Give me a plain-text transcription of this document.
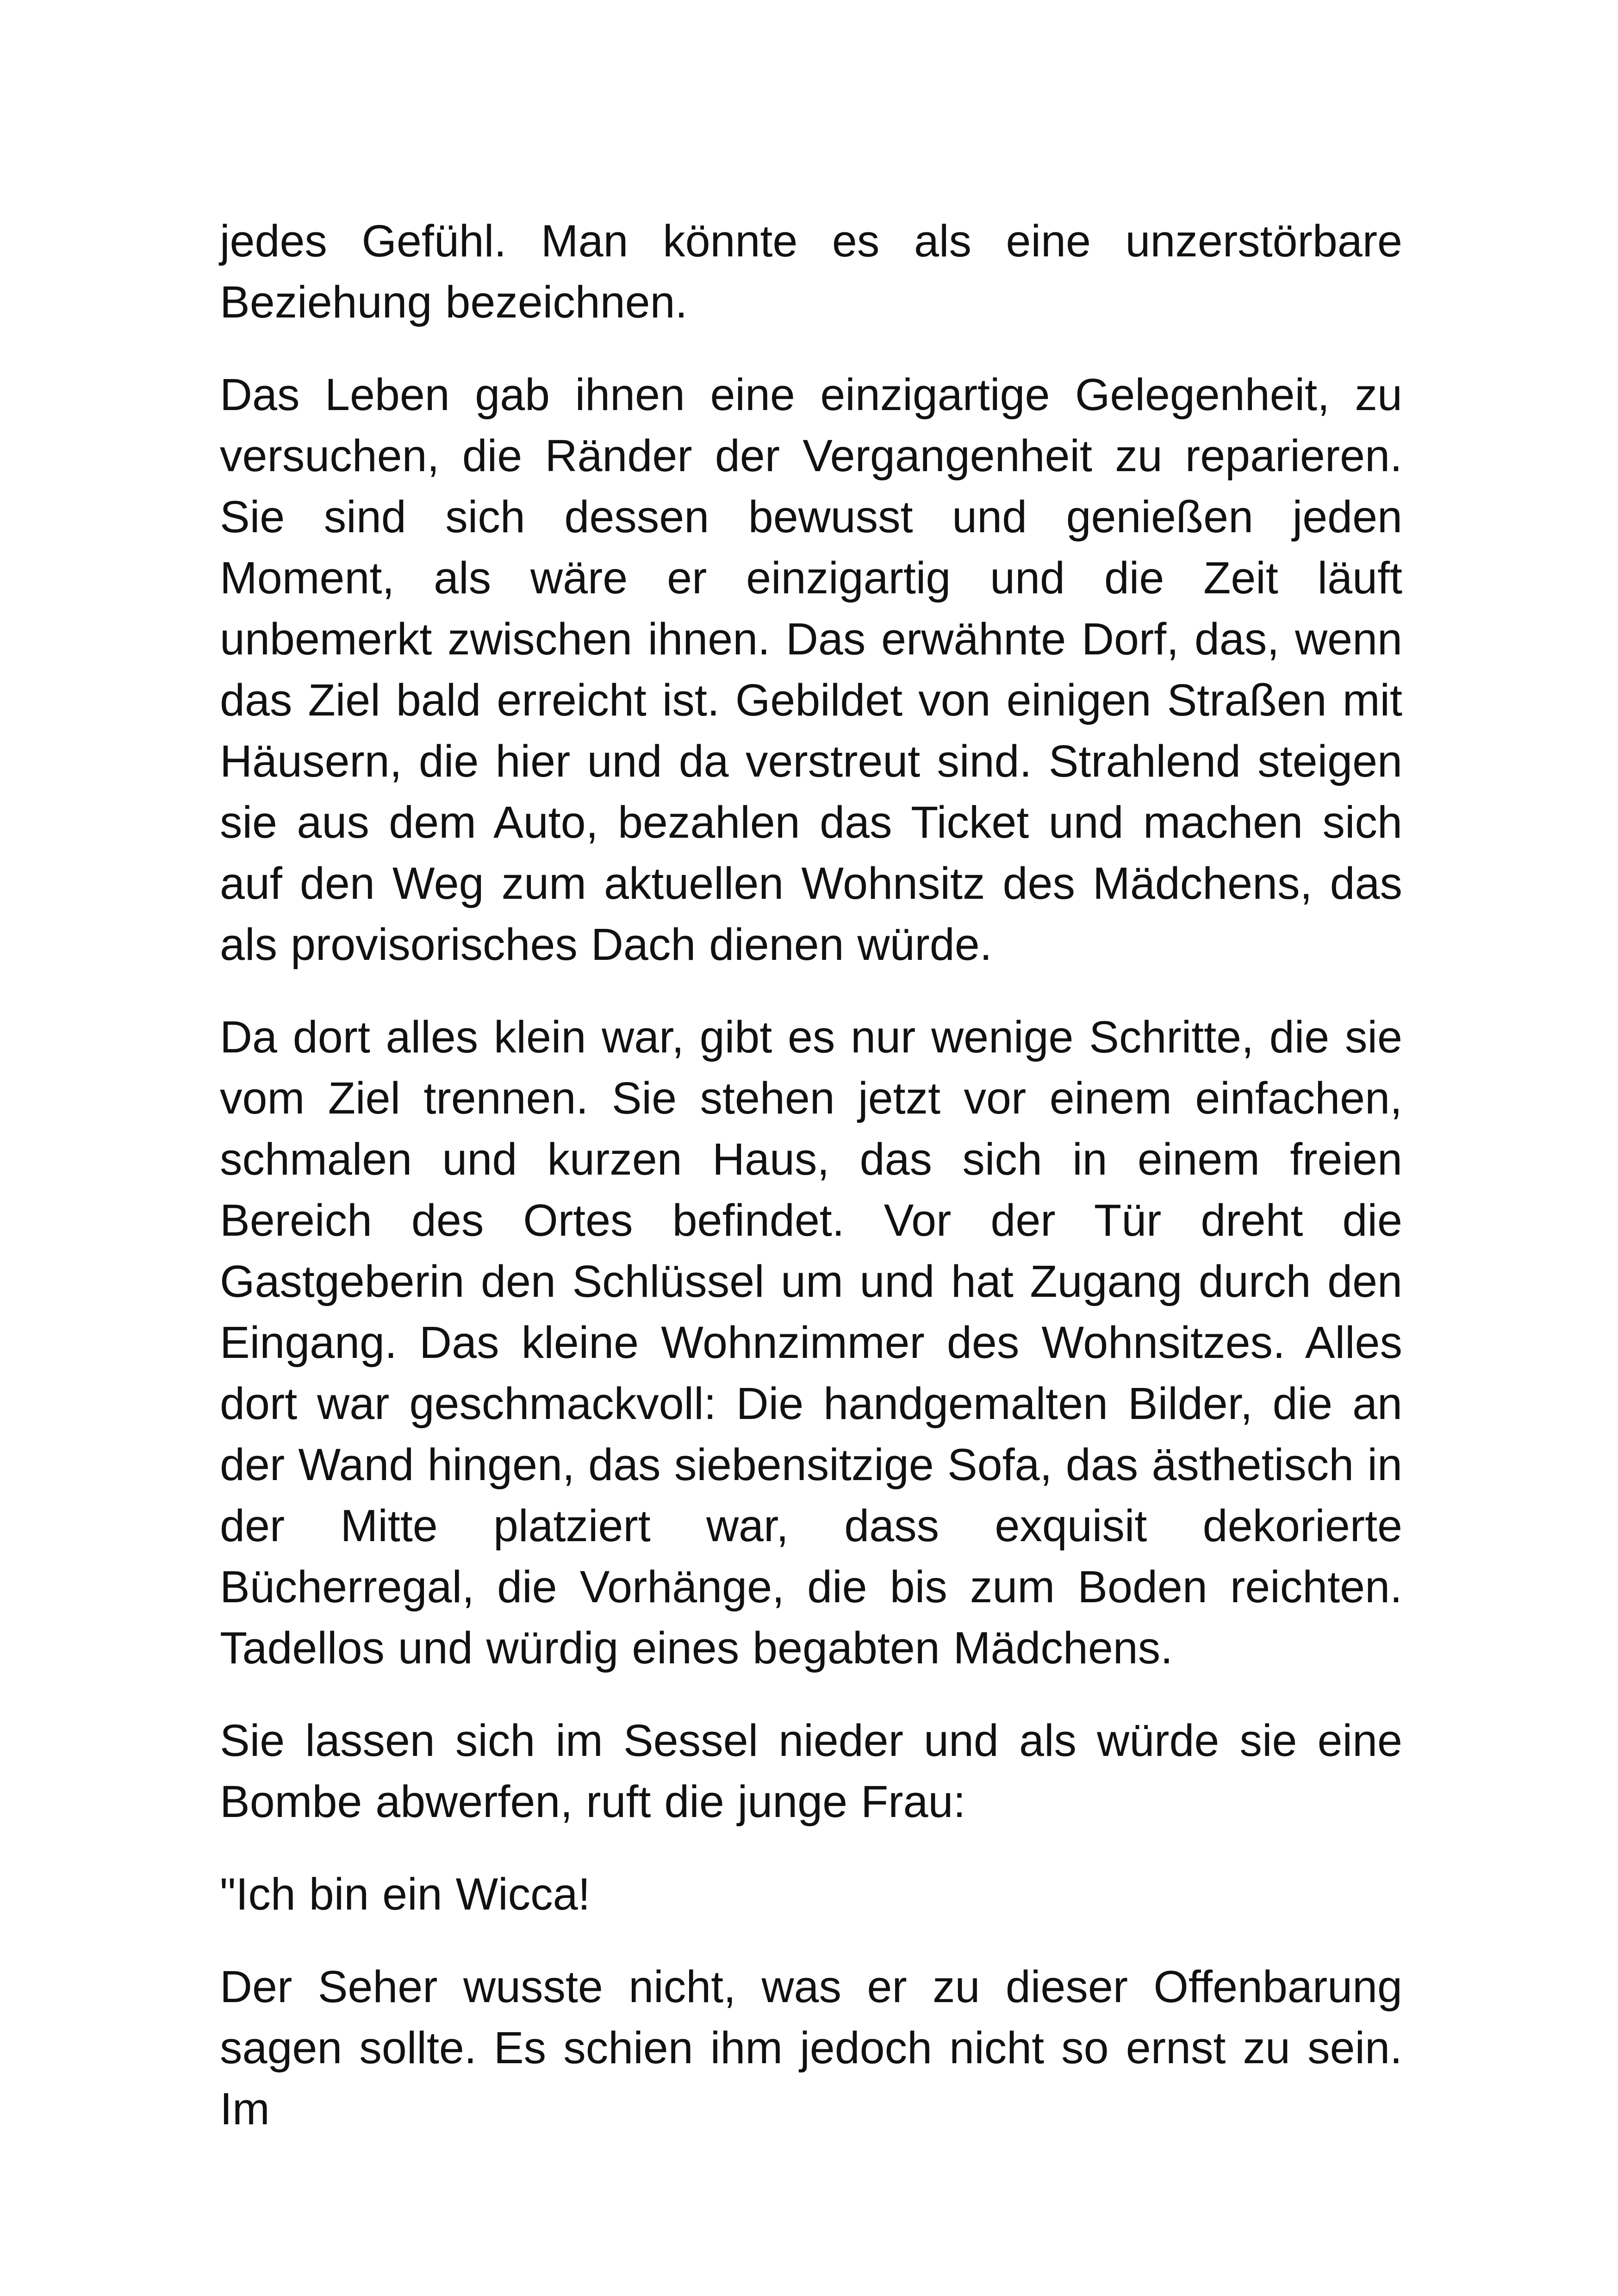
jedes Gefühl. Man könnte es als eine unzerstörbare Beziehung bezeichnen.

Das Leben gab ihnen eine einzigartige Gelegenheit, zu versuchen, die Ränder der Vergangenheit zu reparieren. Sie sind sich dessen bewusst und genießen jeden Moment, als wäre er einzigartig und die Zeit läuft unbemerkt zwischen ihnen. Das erwähnte Dorf, das, wenn das Ziel bald erreicht ist. Gebildet von einigen Straßen mit Häusern, die hier und da verstreut sind. Strahlend steigen sie aus dem Auto, bezahlen das Ticket und machen sich auf den Weg zum aktuellen Wohnsitz des Mädchens, das als provisorisches Dach dienen würde.

Da dort alles klein war, gibt es nur wenige Schritte, die sie vom Ziel trennen. Sie stehen jetzt vor einem einfachen, schmalen und kurzen Haus, das sich in einem freien Bereich des Ortes befindet. Vor der Tür dreht die Gastgeberin den Schlüssel um und hat Zugang durch den Eingang. Das kleine Wohnzimmer des Wohnsitzes. Alles dort war geschmackvoll: Die handgemalten Bilder, die an der Wand hingen, das siebensitzige Sofa, das ästhetisch in der Mitte platziert war, dass exquisit dekorierte Bücherregal, die Vorhänge, die bis zum Boden reichten. Tadellos und würdig eines begabten Mädchens.

Sie lassen sich im Sessel nieder und als würde sie eine Bombe abwerfen, ruft die junge Frau:

"Ich bin ein Wicca!

Der Seher wusste nicht, was er zu dieser Offenbarung sagen sollte. Es schien ihm jedoch nicht so ernst zu sein. Im
